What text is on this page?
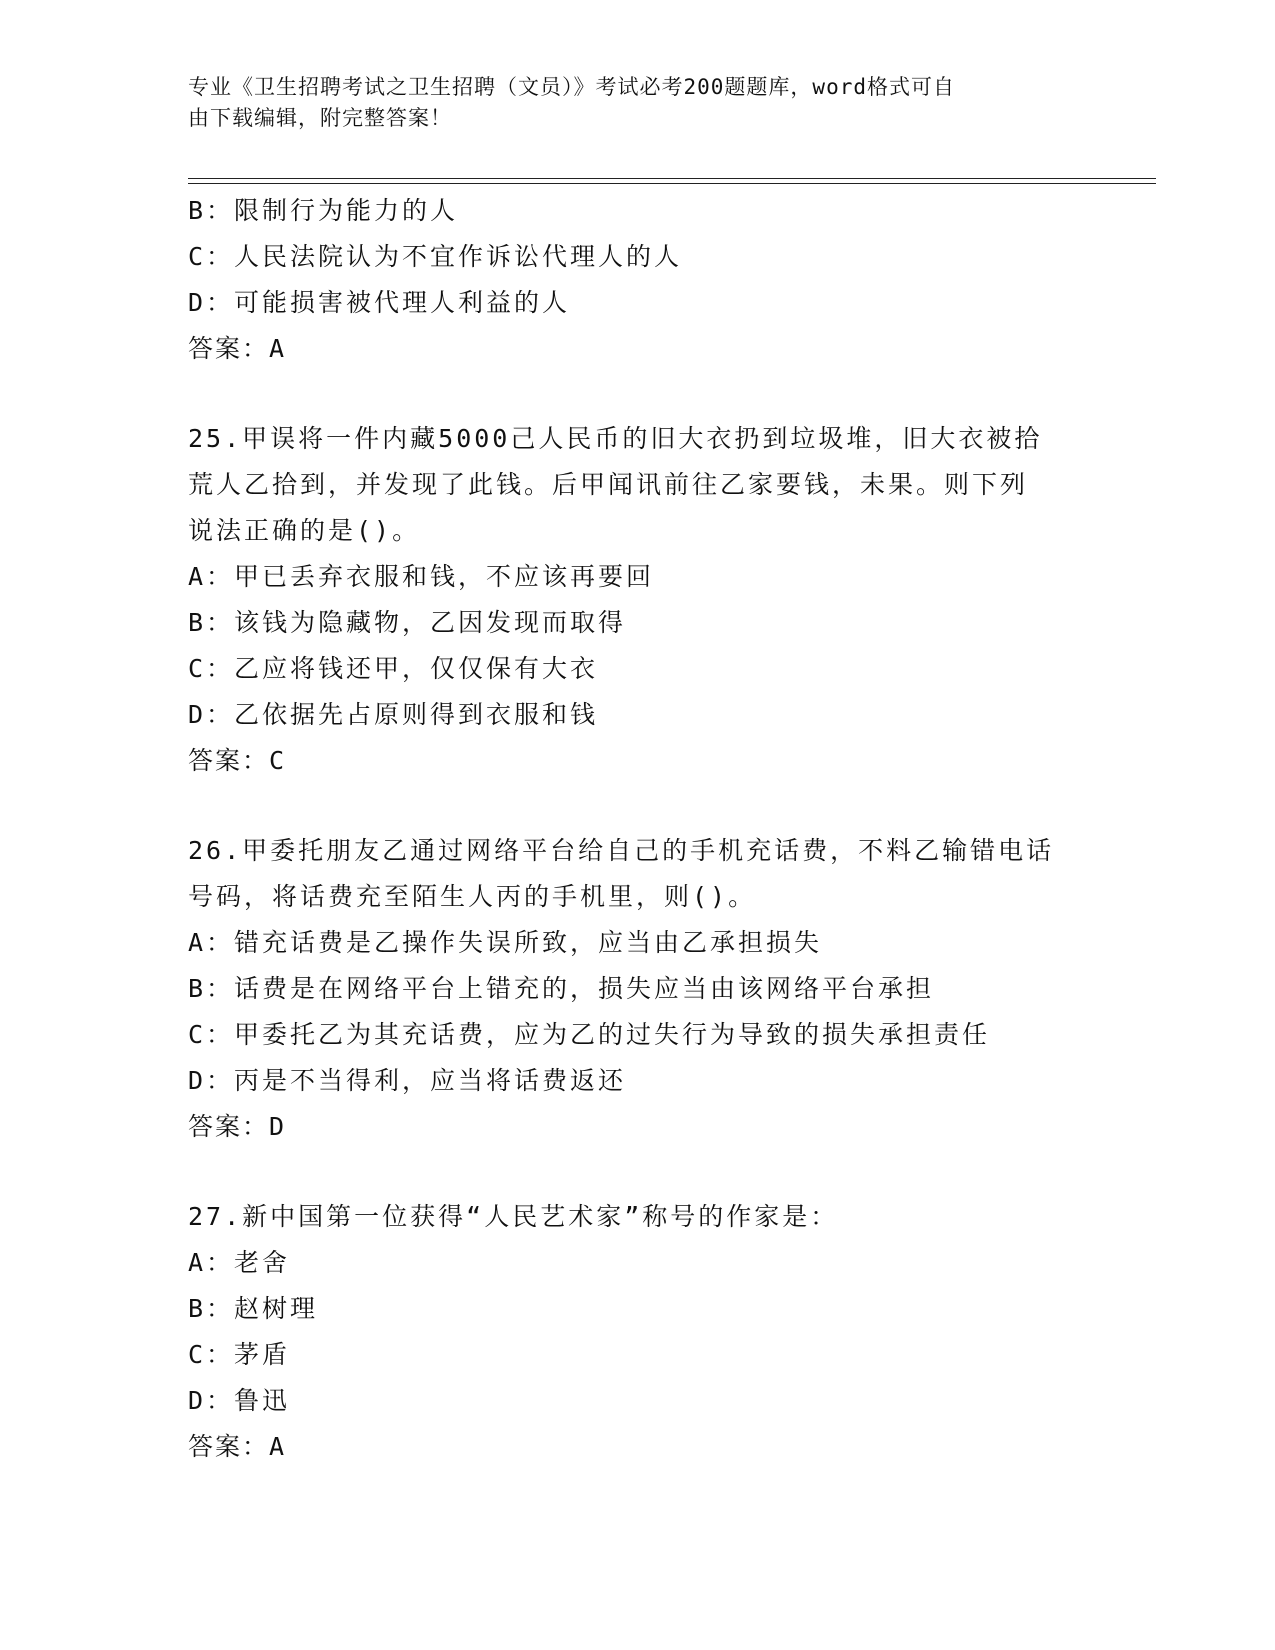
专业《卫生招聘考试之卫生招聘（文员）》考试必考200题题库，word格式可自
由下载编辑，附完整答案！
B：限制行为能力的人
C：人民法院认为不宜作诉讼代理人的人
D：可能损害被代理人利益的人
答案：A
25.甲误将一件内藏5000己人民币的旧大衣扔到垃圾堆，旧大衣被拾
荒人乙拾到，并发现了此钱。后甲闻讯前往乙家要钱，未果。则下列
说法正确的是()。
A：甲已丢弃衣服和钱，不应该再要回
B：该钱为隐藏物，乙因发现而取得
C：乙应将钱还甲，仅仅保有大衣
D：乙依据先占原则得到衣服和钱
答案：C
26.甲委托朋友乙通过网络平台给自己的手机充话费，不料乙输错电话
号码，将话费充至陌生人丙的手机里，则()。
A：错充话费是乙操作失误所致，应当由乙承担损失
B：话费是在网络平台上错充的，损失应当由该网络平台承担
C：甲委托乙为其充话费，应为乙的过失行为导致的损失承担责任
D：丙是不当得利，应当将话费返还
答案：D
27.新中国第一位获得“人民艺术家”称号的作家是：
A：老舍
B：赵树理
C：茅盾
D：鲁迅
答案：A
